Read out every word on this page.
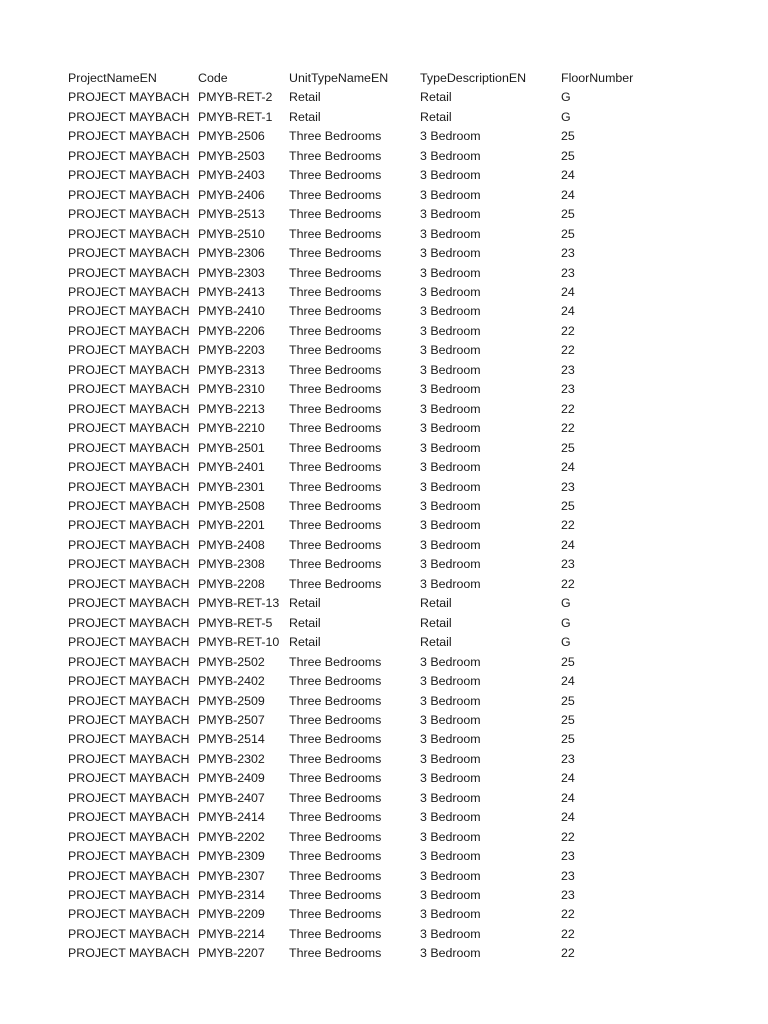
ProjectNameEN	Code	UnitTypeNameEN	TypeDescriptionEN	FloorNumber
PROJECT MAYBACH	PMYB-RET-2	Retail	Retail	G
PROJECT MAYBACH	PMYB-RET-1	Retail	Retail	G
PROJECT MAYBACH	PMYB-2506	Three Bedrooms	3 Bedroom	25
PROJECT MAYBACH	PMYB-2503	Three Bedrooms	3 Bedroom	25
PROJECT MAYBACH	PMYB-2403	Three Bedrooms	3 Bedroom	24
PROJECT MAYBACH	PMYB-2406	Three Bedrooms	3 Bedroom	24
PROJECT MAYBACH	PMYB-2513	Three Bedrooms	3 Bedroom	25
PROJECT MAYBACH	PMYB-2510	Three Bedrooms	3 Bedroom	25
PROJECT MAYBACH	PMYB-2306	Three Bedrooms	3 Bedroom	23
PROJECT MAYBACH	PMYB-2303	Three Bedrooms	3 Bedroom	23
PROJECT MAYBACH	PMYB-2413	Three Bedrooms	3 Bedroom	24
PROJECT MAYBACH	PMYB-2410	Three Bedrooms	3 Bedroom	24
PROJECT MAYBACH	PMYB-2206	Three Bedrooms	3 Bedroom	22
PROJECT MAYBACH	PMYB-2203	Three Bedrooms	3 Bedroom	22
PROJECT MAYBACH	PMYB-2313	Three Bedrooms	3 Bedroom	23
PROJECT MAYBACH	PMYB-2310	Three Bedrooms	3 Bedroom	23
PROJECT MAYBACH	PMYB-2213	Three Bedrooms	3 Bedroom	22
PROJECT MAYBACH	PMYB-2210	Three Bedrooms	3 Bedroom	22
PROJECT MAYBACH	PMYB-2501	Three Bedrooms	3 Bedroom	25
PROJECT MAYBACH	PMYB-2401	Three Bedrooms	3 Bedroom	24
PROJECT MAYBACH	PMYB-2301	Three Bedrooms	3 Bedroom	23
PROJECT MAYBACH	PMYB-2508	Three Bedrooms	3 Bedroom	25
PROJECT MAYBACH	PMYB-2201	Three Bedrooms	3 Bedroom	22
PROJECT MAYBACH	PMYB-2408	Three Bedrooms	3 Bedroom	24
PROJECT MAYBACH	PMYB-2308	Three Bedrooms	3 Bedroom	23
PROJECT MAYBACH	PMYB-2208	Three Bedrooms	3 Bedroom	22
PROJECT MAYBACH	PMYB-RET-13	Retail	Retail	G
PROJECT MAYBACH	PMYB-RET-5	Retail	Retail	G
PROJECT MAYBACH	PMYB-RET-10	Retail	Retail	G
PROJECT MAYBACH	PMYB-2502	Three Bedrooms	3 Bedroom	25
PROJECT MAYBACH	PMYB-2402	Three Bedrooms	3 Bedroom	24
PROJECT MAYBACH	PMYB-2509	Three Bedrooms	3 Bedroom	25
PROJECT MAYBACH	PMYB-2507	Three Bedrooms	3 Bedroom	25
PROJECT MAYBACH	PMYB-2514	Three Bedrooms	3 Bedroom	25
PROJECT MAYBACH	PMYB-2302	Three Bedrooms	3 Bedroom	23
PROJECT MAYBACH	PMYB-2409	Three Bedrooms	3 Bedroom	24
PROJECT MAYBACH	PMYB-2407	Three Bedrooms	3 Bedroom	24
PROJECT MAYBACH	PMYB-2414	Three Bedrooms	3 Bedroom	24
PROJECT MAYBACH	PMYB-2202	Three Bedrooms	3 Bedroom	22
PROJECT MAYBACH	PMYB-2309	Three Bedrooms	3 Bedroom	23
PROJECT MAYBACH	PMYB-2307	Three Bedrooms	3 Bedroom	23
PROJECT MAYBACH	PMYB-2314	Three Bedrooms	3 Bedroom	23
PROJECT MAYBACH	PMYB-2209	Three Bedrooms	3 Bedroom	22
PROJECT MAYBACH	PMYB-2214	Three Bedrooms	3 Bedroom	22
PROJECT MAYBACH	PMYB-2207	Three Bedrooms	3 Bedroom	22
